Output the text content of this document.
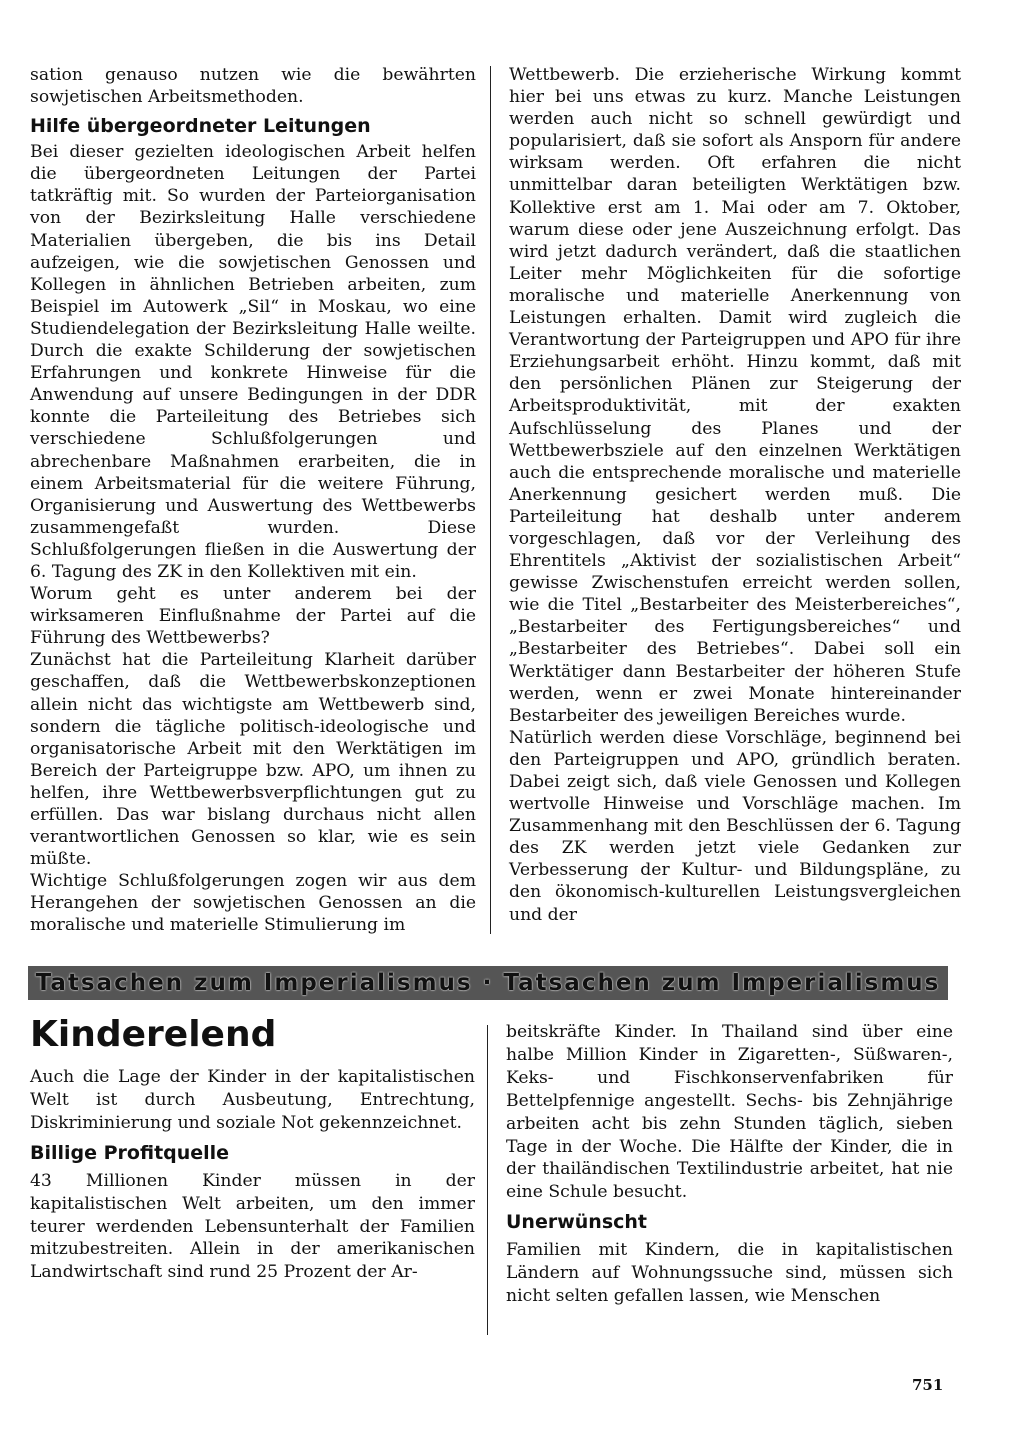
sation genauso nutzen wie die bewährten sowjetischen Arbeitsmethoden.

Hilfe übergeordneter Leitungen

Bei dieser gezielten ideologischen Arbeit helfen die übergeordneten Leitungen der Partei tatkräftig mit. So wurden der Parteiorganisation von der Bezirksleitung Halle verschiedene Materialien übergeben, die bis ins Detail aufzeigen, wie die sowjetischen Genossen und Kollegen in ähnlichen Betrieben arbeiten, zum Beispiel im Autowerk „Sil“ in Moskau, wo eine Studiendelegation der Bezirksleitung Halle weilte. Durch die exakte Schilderung der sowjetischen Erfahrungen und konkrete Hinweise für die Anwendung auf unsere Bedingungen in der DDR konnte die Parteileitung des Betriebes sich verschiedene Schlußfolgerungen und abrechenbare Maßnahmen erarbeiten, die in einem Arbeitsmaterial für die weitere Führung, Organisierung und Auswertung des Wettbewerbs zusammengefaßt wurden. Diese Schlußfolgerungen fließen in die Auswertung der 6. Tagung des ZK in den Kollektiven mit ein.

Worum geht es unter anderem bei der wirksameren Einflußnahme der Partei auf die Führung des Wettbewerbs?

Zunächst hat die Parteileitung Klarheit darüber geschaffen, daß die Wettbewerbskonzeptionen allein nicht das wichtigste am Wettbewerb sind, sondern die tägliche politisch-ideologische und organisatorische Arbeit mit den Werktätigen im Bereich der Parteigruppe bzw. APO, um ihnen zu helfen, ihre Wettbewerbsverpflichtungen gut zu erfüllen. Das war bislang durchaus nicht allen verantwortlichen Genossen so klar, wie es sein müßte.

Wichtige Schlußfolgerungen zogen wir aus dem Herangehen der sowjetischen Genossen an die moralische und materielle Stimulierung im

Wettbewerb. Die erzieherische Wirkung kommt hier bei uns etwas zu kurz. Manche Leistungen werden auch nicht so schnell gewürdigt und popularisiert, daß sie sofort als Ansporn für andere wirksam werden. Oft erfahren die nicht unmittelbar daran beteiligten Werktätigen bzw. Kollektive erst am 1. Mai oder am 7. Oktober, warum diese oder jene Auszeichnung erfolgt. Das wird jetzt dadurch verändert, daß die staatlichen Leiter mehr Möglichkeiten für die sofortige moralische und materielle Anerkennung von Leistungen erhalten. Damit wird zugleich die Verantwortung der Parteigruppen und APO für ihre Erziehungsarbeit erhöht. Hinzu kommt, daß mit den persönlichen Plänen zur Steigerung der Arbeitsproduktivität, mit der exakten Aufschlüsselung des Planes und der Wettbewerbsziele auf den einzelnen Werktätigen auch die entsprechende moralische und materielle Anerkennung gesichert werden muß. Die Parteileitung hat deshalb unter anderem vorgeschlagen, daß vor der Verleihung des Ehrentitels „Aktivist der sozialistischen Arbeit“ gewisse Zwischenstufen erreicht werden sollen, wie die Titel „Bestarbeiter des Meisterbereiches“, „Bestarbeiter des Fertigungsbereiches“ und „Bestarbeiter des Betriebes“. Dabei soll ein Werktätiger dann Bestarbeiter der höheren Stufe werden, wenn er zwei Monate hintereinander Bestarbeiter des jeweiligen Bereiches wurde.

Natürlich werden diese Vorschläge, beginnend bei den Parteigruppen und APO, gründlich beraten. Dabei zeigt sich, daß viele Genossen und Kollegen wertvolle Hinweise und Vorschläge machen. Im Zusammenhang mit den Beschlüssen der 6. Tagung des ZK werden jetzt viele Gedanken zur Verbesserung der Kultur- und Bildungspläne, zu den ökonomisch-kulturellen Leistungsvergleichen und der

Tatsachen zum Imperialismus · Tatsachen zum Imperialismus
Kinderelend

Auch die Lage der Kinder in der kapitalistischen Welt ist durch Ausbeutung, Entrechtung, Diskriminierung und soziale Not gekennzeichnet.

Billige Profitquelle

43 Millionen Kinder müssen in der kapitalistischen Welt arbeiten, um den immer teurer werdenden Lebensunterhalt der Familien mitzubestreiten. Allein in der amerikanischen Landwirtschaft sind rund 25 Prozent der Ar-

beitskräfte Kinder. In Thailand sind über eine halbe Million Kinder in Zigaretten-, Süßwaren-, Keks- und Fischkonservenfabriken für Bettelpfennige angestellt. Sechs- bis Zehnjährige arbeiten acht bis zehn Stunden täglich, sieben Tage in der Woche. Die Hälfte der Kinder, die in der thailändischen Textilindustrie arbeitet, hat nie eine Schule besucht.

Unerwünscht

Familien mit Kindern, die in kapitalistischen Ländern auf Wohnungssuche sind, müssen sich nicht selten gefallen lassen, wie Menschen

751
